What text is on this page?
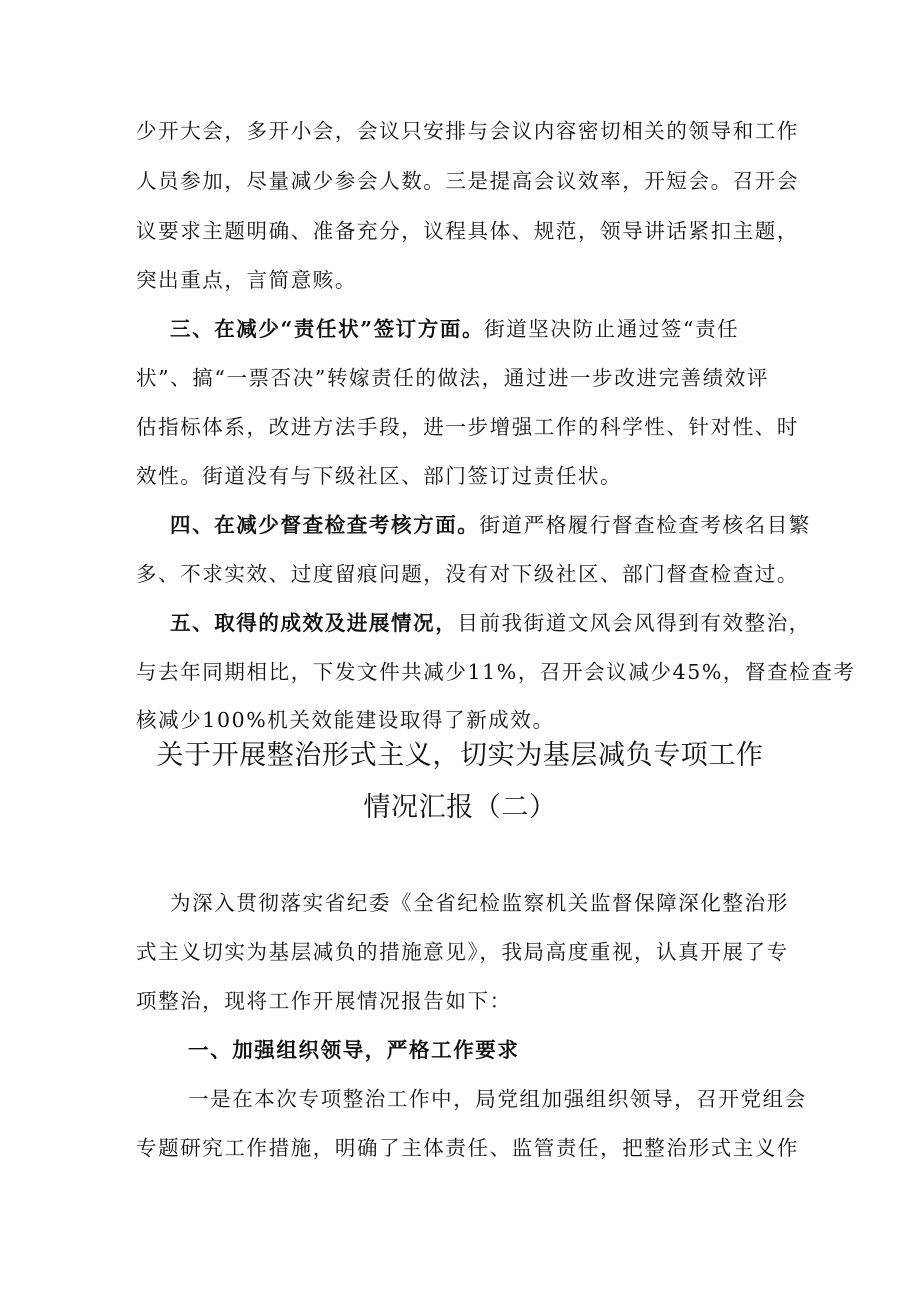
少开大会，多开小会，会议只安排与会议内容密切相关的领导和工作
人员参加，尽量减少参会人数。三是提高会议效率，开短会。召开会
议要求主题明确、准备充分，议程具体、规范，领导讲话紧扣主题，
突出重点，言简意赅。
三、在减少“责任状”签订方面。街道坚决防止通过签“责任
状”、搞“一票否决”转嫁责任的做法，通过进一步改进完善绩效评
估指标体系，改进方法手段，进一步增强工作的科学性、针对性、时
效性。街道没有与下级社区、部门签订过责任状。
四、在减少督查检查考核方面。街道严格履行督查检查考核名目繁
多、不求实效、过度留痕问题，没有对下级社区、部门督查检查过。
五、取得的成效及进展情况，目前我街道文风会风得到有效整治，
与去年同期相比，下发文件共减少11%，召开会议减少45%，督查检查考
核减少100%机关效能建设取得了新成效。
关于开展整治形式主义，切实为基层减负专项工作
情况汇报（二）
为深入贯彻落实省纪委《全省纪检监察机关监督保障深化整治形
式主义切实为基层减负的措施意见》，我局高度重视，认真开展了专
项整治，现将工作开展情况报告如下：
一、加强组织领导，严格工作要求
一是在本次专项整治工作中，局党组加强组织领导，召开党组会
专题研究工作措施，明确了主体责任、监管责任，把整治形式主义作
